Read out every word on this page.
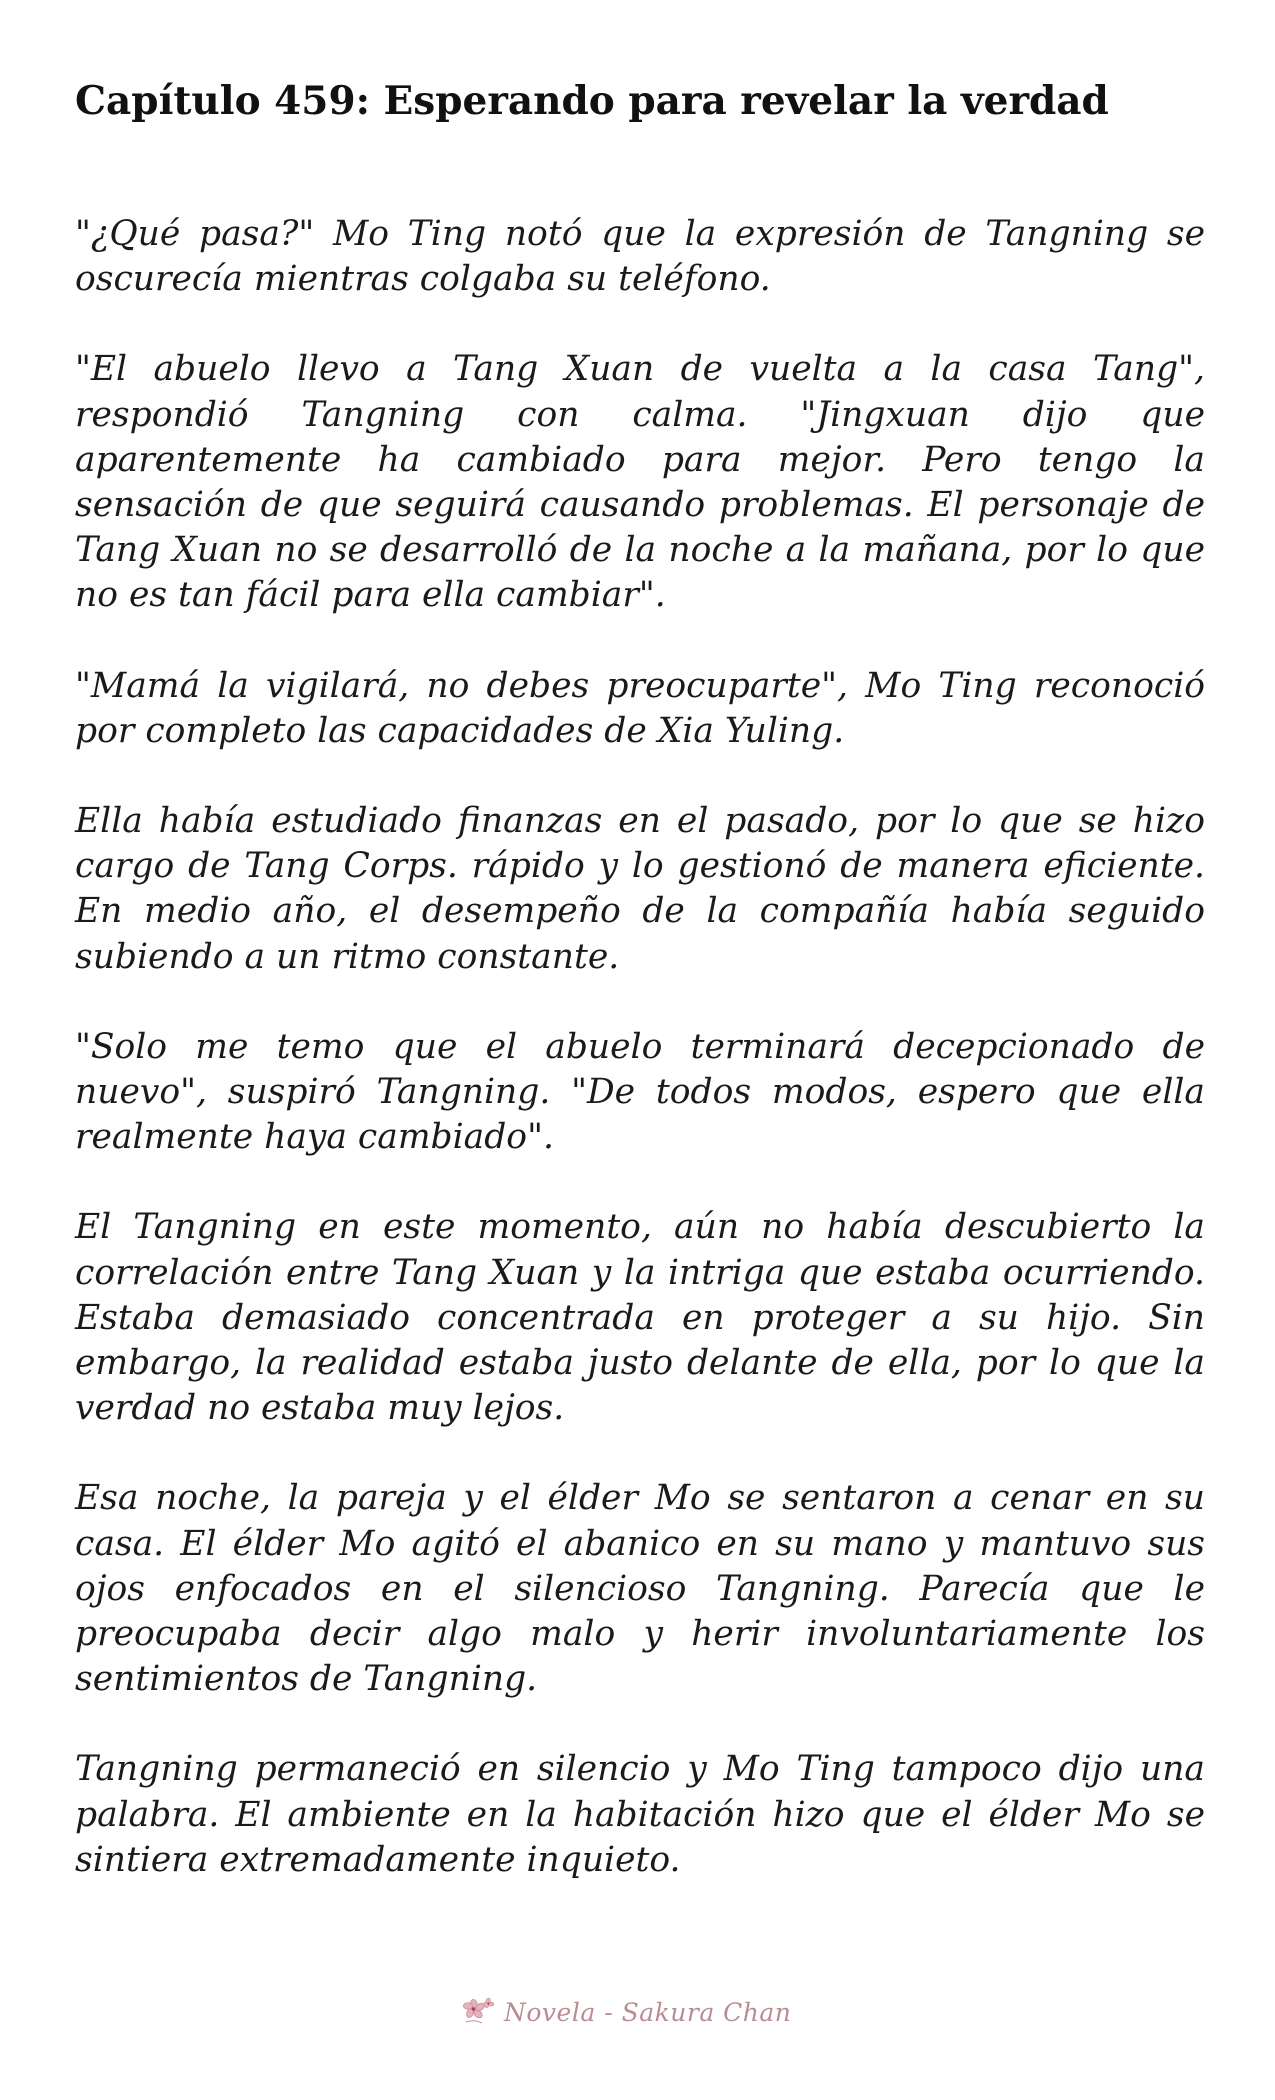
Capítulo 459: Esperando para revelar la verdad

"¿Qué pasa?" Mo Ting notó que la expresión de Tangning se oscurecía mientras colgaba su teléfono.

"El abuelo llevo a Tang Xuan de vuelta a la casa Tang", respondió Tangning con calma. "Jingxuan dijo que aparentemente ha cambiado para mejor. Pero tengo la sensación de que seguirá causando problemas. El personaje de Tang Xuan no se desarrolló de la noche a la mañana, por lo que no es tan fácil para ella cambiar".

"Mamá la vigilará, no debes preocuparte", Mo Ting reconoció por completo las capacidades de Xia Yuling.

Ella había estudiado finanzas en el pasado, por lo que se hizo cargo de Tang Corps. rápido y lo gestionó de manera eficiente. En medio año, el desempeño de la compañía había seguido subiendo a un ritmo constante.

"Solo me temo que el abuelo terminará decepcionado de nuevo", suspiró Tangning. "De todos modos, espero que ella realmente haya cambiado".

El Tangning en este momento, aún no había descubierto la correlación entre Tang Xuan y la intriga que estaba ocurriendo. Estaba demasiado concentrada en proteger a su hijo. Sin embargo, la realidad estaba justo delante de ella, por lo que la verdad no estaba muy lejos.

Esa noche, la pareja y el élder Mo se sentaron a cenar en su casa. El élder Mo agitó el abanico en su mano y mantuvo sus ojos enfocados en el silencioso Tangning. Parecía que le preocupaba decir algo malo y herir involuntariamente los sentimientos de Tangning.

Tangning permaneció en silencio y Mo Ting tampoco dijo una palabra. El ambiente en la habitación hizo que el élder Mo se sintiera extremadamente inquieto.

Novela - Sakura Chan
